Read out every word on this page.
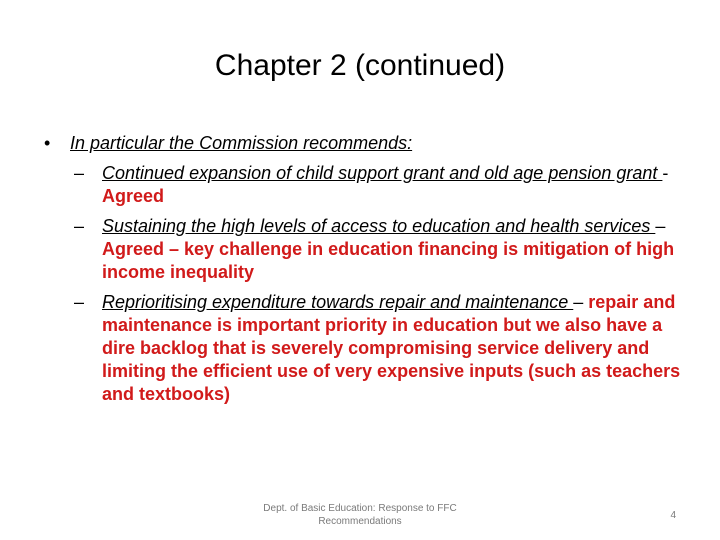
Chapter 2 (continued)
• In particular the Commission recommends:
– Continued expansion of child support grant and old age pension grant - Agreed
– Sustaining the high levels of access to education and health services – Agreed – key challenge in education financing is mitigation of high income inequality
– Reprioritising expenditure towards repair and maintenance – repair and maintenance is important priority in education but we also have a dire backlog that is severely compromising service delivery and limiting the efficient use of very expensive inputs (such as teachers and textbooks)
Dept. of Basic Education: Response to FFC Recommendations
4
